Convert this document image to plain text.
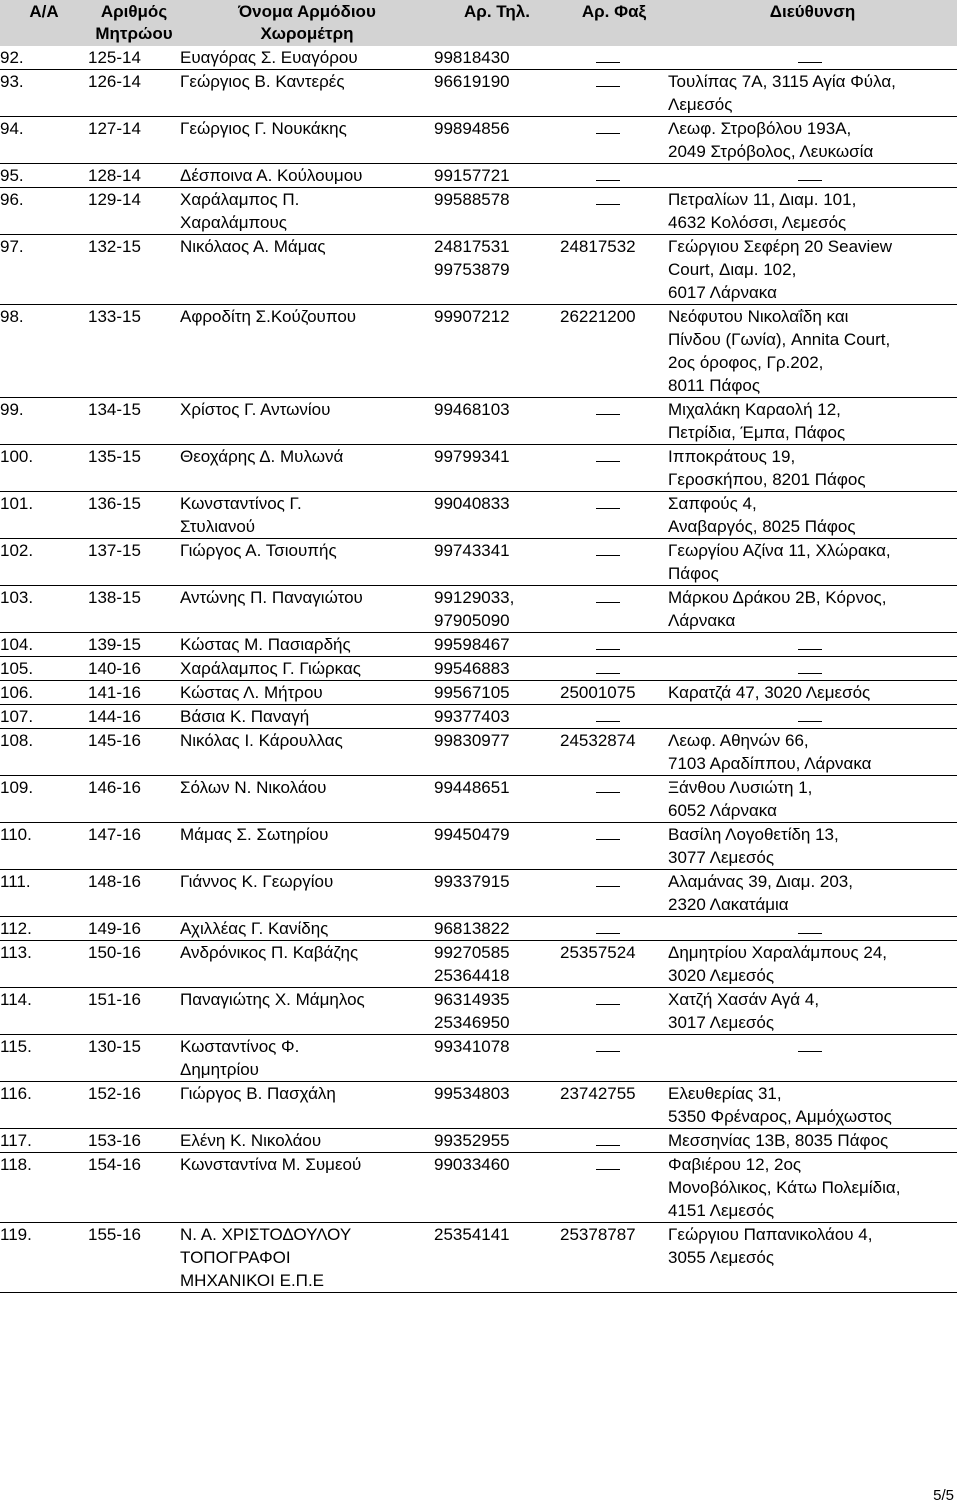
Α/Α	Αριθμός
Μητρώου	Όνομα Αρμόδιου
Χωρομέτρη	Αρ. Τηλ.	Αρ. Φαξ	Διεύθυνση
92.	125-14	Ευαγόρας Σ. Ευαγόρου	99818430		

93.	126-14	Γεώργιος Β. Καντερές	96619190		Τουλίπας 7Α, 3115 Αγία Φύλα,
Λεμεσός

94.	127-14	Γεώργιος Γ. Νουκάκης	99894856		Λεωφ. Στροβόλου 193Α,
2049 Στρόβολος, Λευκωσία

95.	128-14	Δέσποινα Α. Κούλουμου	99157721		

96.	129-14	Χαράλαμπος Π.
Χαραλάμπους	99588578		Πετραλίων 11, Διαμ. 101,
4632 Κολόσσι, Λεμεσός

97.	132-15	Νικόλαος Α. Μάμας	24817531
99753879	24817532	Γεώργιου Σεφέρη 20 Seaview
Court, Διαμ. 102,
6017 Λάρνακα

98.	133-15	Αφροδίτη Σ.Κούζουπου	99907212	26221200	Νεόφυτου Νικολαΐδη και
Πίνδου (Γωνία), Annita Court,
2ος όροφος, Γρ.202,
8011 Πάφος

99.	134-15	Χρίστος Γ. Αντωνίου	99468103		Μιχαλάκη Καραολή 12,
Πετρίδια, Έμπα, Πάφος

100.	135-15	Θεοχάρης Δ. Μυλωνά	99799341		Ιπποκράτους 19,
Γεροσκήπου, 8201 Πάφος

101.	136-15	Κωνσταντίνος Γ.
Στυλιανού	99040833		Σαπφούς 4,
Αναβαργός, 8025 Πάφος

102.	137-15	Γιώργος Α. Τσιουπής	99743341		Γεωργίου Αζίνα 11, Χλώρακα,
Πάφος

103.	138-15	Αντώνης Π. Παναγιώτου	99129033,
97905090		Μάρκου Δράκου 2Β, Κόρνος,
Λάρνακα

104.	139-15	Κώστας Μ. Πασιαρδής	99598467		

105.	140-16	Χαράλαμπος Γ. Γιώρκας	99546883		

106.	141-16	Κώστας Λ. Μήτρου	99567105	25001075	Καρατζά 47, 3020 Λεμεσός

107.	144-16	Βάσια Κ. Παναγή	99377403		

108.	145-16	Νικόλας Ι. Κάρουλλας	99830977	24532874	Λεωφ. Αθηνών 66,
7103 Αραδίππου, Λάρνακα

109.	146-16	Σόλων Ν. Νικολάου	99448651		Ξάνθου Λυσιώτη 1,
6052 Λάρνακα

110.	147-16	Μάμας Σ. Σωτηρίου	99450479		Βασίλη Λογοθετίδη 13,
3077 Λεμεσός

111.	148-16	Γιάννος Κ. Γεωργίου	99337915		Αλαμάνας 39, Διαμ. 203,
2320 Λακατάμια

112.	149-16	Αχιλλέας Γ. Κανίδης	96813822		

113.	150-16	Ανδρόνικος Π. Καβάζης	99270585
25364418	25357524	Δημητρίου Χαραλάμπους 24,
3020 Λεμεσός

114.	151-16	Παναγιώτης Χ. Μάμηλος	96314935
25346950		Χατζή Χασάν Αγά 4,
3017 Λεμεσός

115.	130-15	Κωσταντίνος Φ.
Δημητρίου	99341078		

116.	152-16	Γιώργος Β. Πασχάλη	99534803	23742755	Ελευθερίας 31,
5350 Φρέναρος, Αμμόχωστος

117.	153-16	Ελένη Κ. Νικολάου	99352955		Μεσσηνίας 13Β, 8035 Πάφος

118.	154-16	Κωνσταντίνα Μ. Συμεού	99033460		Φαβιέρου 12, 2ος
Μονοβόλικος, Κάτω Πολεμίδια,
4151 Λεμεσός

119.	155-16	Ν. Α. ΧΡΙΣΤΟΔΟΥΛΟΥ
ΤΟΠΟΓΡΑΦΟΙ
ΜΗΧΑΝΙΚΟΙ Ε.Π.Ε	25354141	25378787	Γεώργιου Παπανικολάου 4,
3055 Λεμεσός
5/5
